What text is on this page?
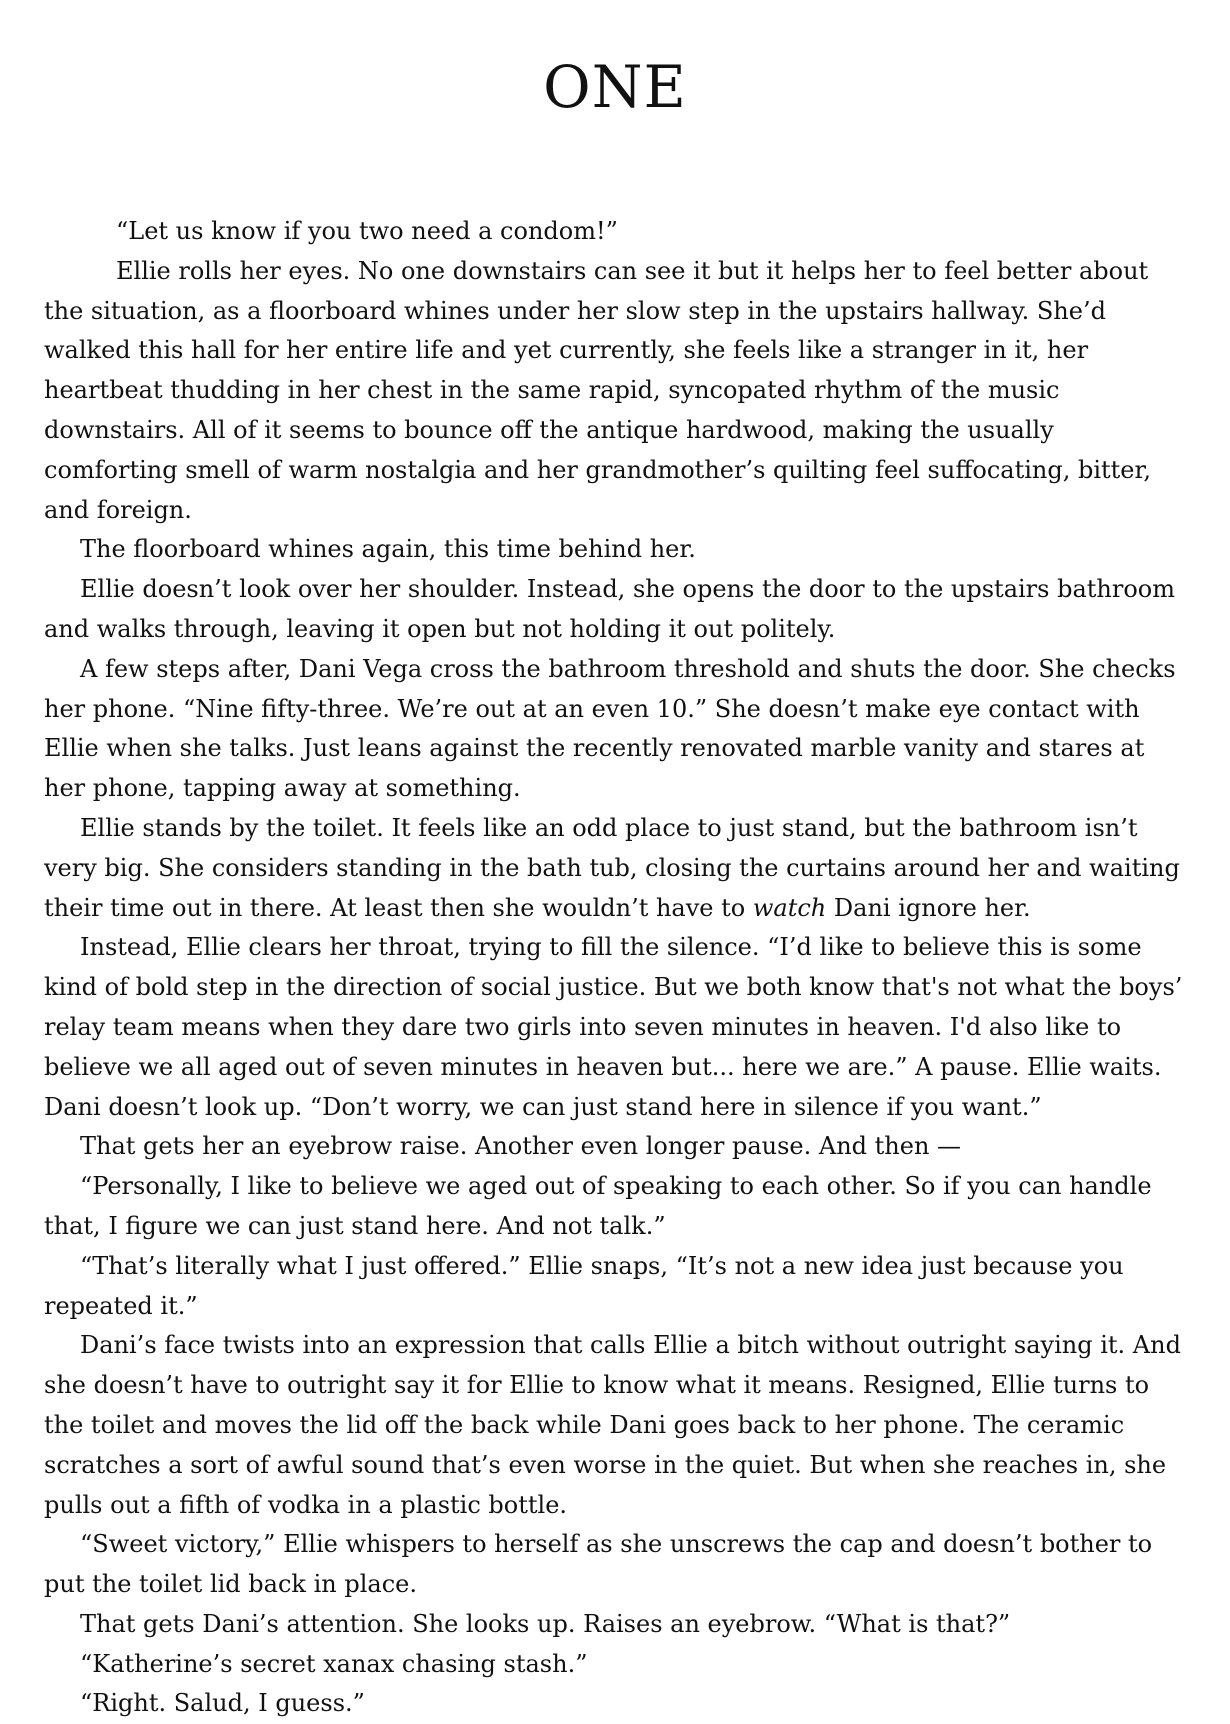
ONE

“Let us know if you two need a condom!”

Ellie rolls her eyes. No one downstairs can see it but it helps her to feel better about the situation, as a floorboard whines under her slow step in the upstairs hallway. She’d walked this hall for her entire life and yet currently, she feels like a stranger in it, her heartbeat thudding in her chest in the same rapid, syncopated rhythm of the music downstairs. All of it seems to bounce off the antique hardwood, making the usually comforting smell of warm nostalgia and her grandmother’s quilting feel suffocating, bitter, and foreign.

The floorboard whines again, this time behind her.

Ellie doesn’t look over her shoulder. Instead, she opens the door to the upstairs bathroom and walks through, leaving it open but not holding it out politely.

A few steps after, Dani Vega cross the bathroom threshold and shuts the door. She checks her phone. “Nine fifty-three. We’re out at an even 10.” She doesn’t make eye contact with Ellie when she talks. Just leans against the recently renovated marble vanity and stares at her phone, tapping away at something.

Ellie stands by the toilet. It feels like an odd place to just stand, but the bathroom isn’t very big. She considers standing in the bath tub, closing the curtains around her and waiting their time out in there. At least then she wouldn’t have to watch Dani ignore her.

Instead, Ellie clears her throat, trying to fill the silence. “I’d like to believe this is some kind of bold step in the direction of social justice. But we both know that's not what the boys’ relay team means when they dare two girls into seven minutes in heaven. I'd also like to believe we all aged out of seven minutes in heaven but... here we are.” A pause. Ellie waits. Dani doesn’t look up. “Don’t worry, we can just stand here in silence if you want.”

That gets her an eyebrow raise. Another even longer pause. And then —

“Personally, I like to believe we aged out of speaking to each other. So if you can handle that, I figure we can just stand here. And not talk.”

“That’s literally what I just offered.” Ellie snaps, “It’s not a new idea just because you repeated it.”

Dani’s face twists into an expression that calls Ellie a bitch without outright saying it. And she doesn’t have to outright say it for Ellie to know what it means. Resigned, Ellie turns to the toilet and moves the lid off the back while Dani goes back to her phone. The ceramic scratches a sort of awful sound that’s even worse in the quiet. But when she reaches in, she pulls out a fifth of vodka in a plastic bottle.

“Sweet victory,” Ellie whispers to herself as she unscrews the cap and doesn’t bother to put the toilet lid back in place.

That gets Dani’s attention. She looks up. Raises an eyebrow. “What is that?”

“Katherine’s secret xanax chasing stash.”

“Right. Salud, I guess.”
